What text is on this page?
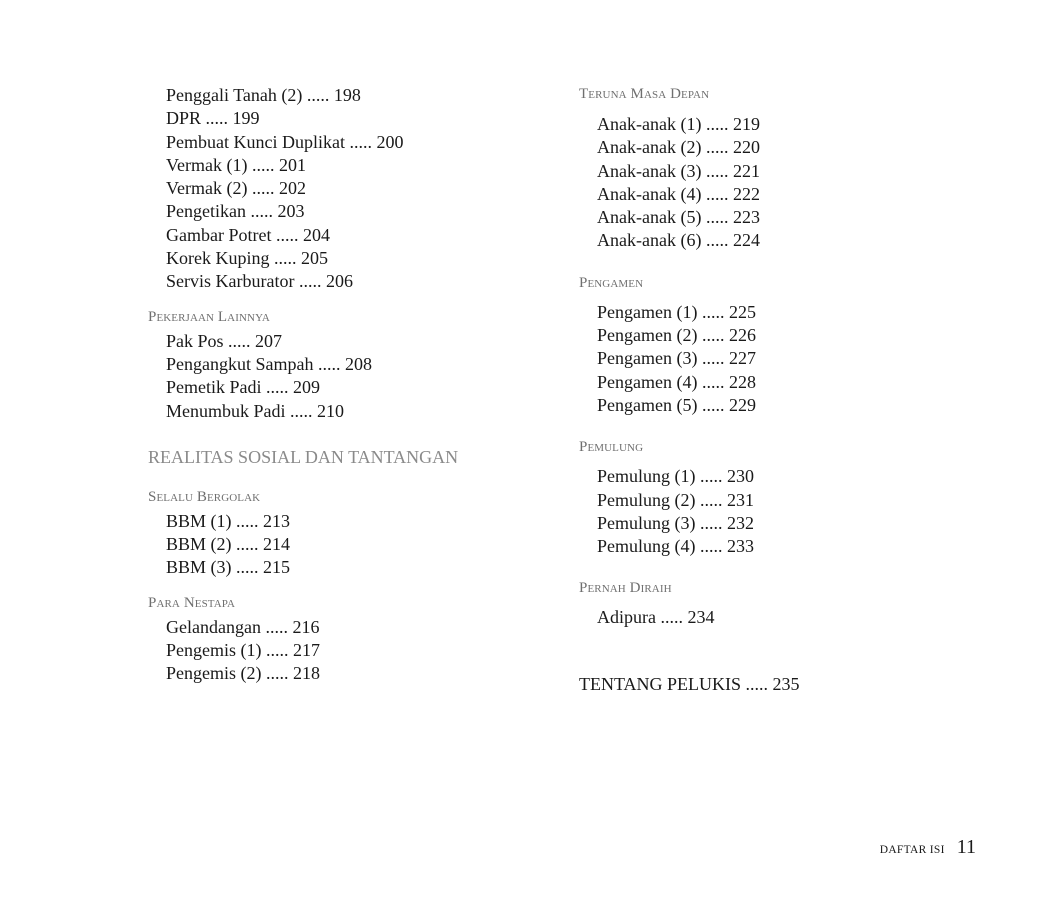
Penggali Tanah (2) ..... 198
DPR ..... 199
Pembuat Kunci Duplikat ..... 200
Vermak (1) ..... 201
Vermak (2) ..... 202
Pengetikan ..... 203
Gambar Potret ..... 204
Korek Kuping ..... 205
Servis Karburator ..... 206
Pekerjaan Lainnya
Pak Pos ..... 207
Pengangkut Sampah ..... 208
Pemetik Padi ..... 209
Menumbuk Padi ..... 210
REALITAS SOSIAL DAN TANTANGAN
Selalu Bergolak
BBM (1) ..... 213
BBM (2) ..... 214
BBM (3) ..... 215
Para Nestapa
Gelandangan ..... 216
Pengemis (1) ..... 217
Pengemis (2) ..... 218
Teruna Masa Depan
Anak-anak (1) ..... 219
Anak-anak (2) ..... 220
Anak-anak (3) ..... 221
Anak-anak (4) ..... 222
Anak-anak (5) ..... 223
Anak-anak (6) ..... 224
Pengamen
Pengamen (1) ..... 225
Pengamen (2) ..... 226
Pengamen (3) ..... 227
Pengamen (4) ..... 228
Pengamen (5) ..... 229
Pemulung
Pemulung (1) ..... 230
Pemulung (2) ..... 231
Pemulung (3) ..... 232
Pemulung (4) ..... 233
Pernah Diraih
Adipura ..... 234
TENTANG PELUKIS ..... 235
DAFTAR ISI 11
